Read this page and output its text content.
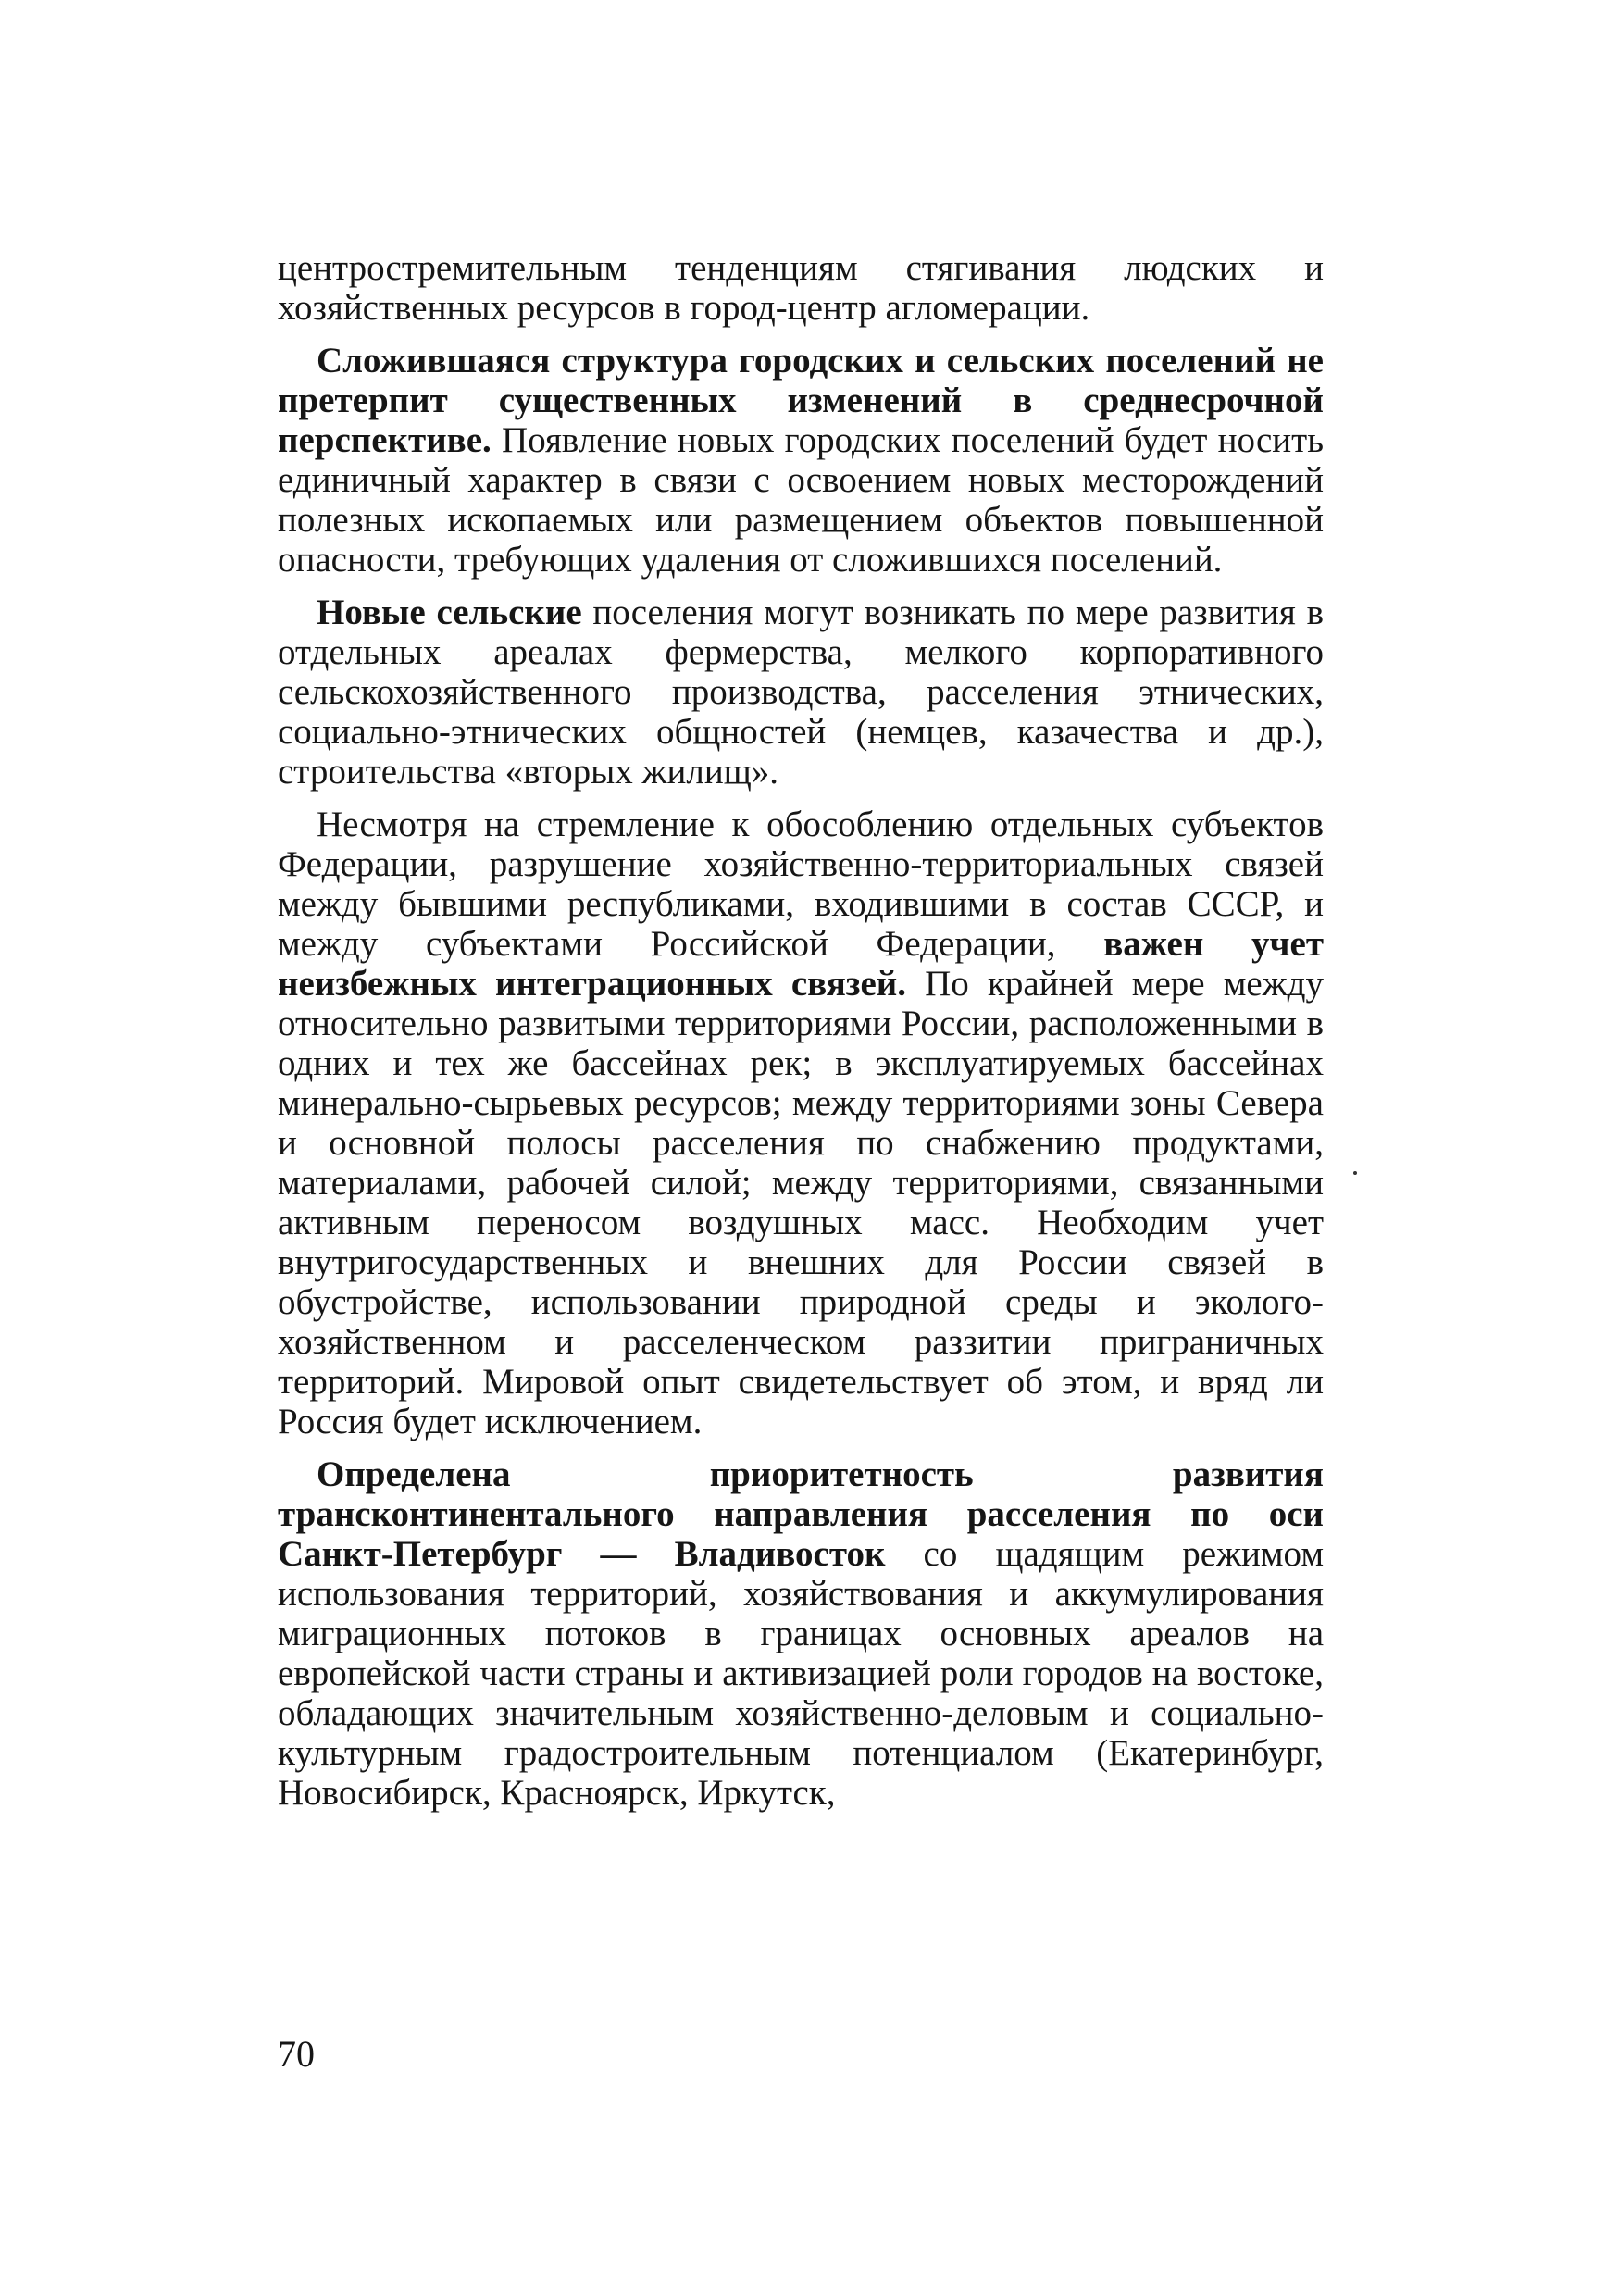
центростремительным тенденциям стягивания людских и хозяйственных ресурсов в город-центр агломерации.

Сложившаяся структура городских и сельских поселений не претерпит существенных изменений в среднесрочной перспективе. Появление новых городских поселений будет носить единичный характер в связи с освоением новых месторождений полезных ископаемых или размещением объектов повышенной опасности, требующих удаления от сложившихся поселений.

Новые сельские поселения могут возникать по мере развития в отдельных ареалах фермерства, мелкого корпоративного сельскохозяйственного производства, расселения этнических, социально-этнических общностей (немцев, казачества и др.), строительства «вторых жилищ».

Несмотря на стремление к обособлению отдельных субъектов Федерации, разрушение хозяйственно-территориальных связей между бывшими республиками, входившими в состав СССР, и между субъектами Российской Федерации, важен учет неизбежных интеграционных связей. По крайней мере между относительно развитыми территориями России, расположенными в одних и тех же бассейнах рек; в эксплуатируемых бассейнах минерально-сырьевых ресурсов; между территориями зоны Севера и основной полосы расселения по снабжению продуктами, материалами, рабочей силой; между территориями, связанными активным переносом воздушных масс. Необходим учет внутригосударственных и внешних для России связей в обустройстве, использовании природной среды и эколого-хозяйственном и расселенческом раззитии приграничных территорий. Мировой опыт свидетельствует об этом, и вряд ли Россия будет исключением.

Определена приоритетность развития трансконтинентального направления расселения по оси Санкт-Петербург — Владивосток со щадящим режимом использования территорий, хозяйствования и аккумулирования миграционных потоков в границах основных ареалов на европейской части страны и активизацией роли городов на востоке, обладающих значительным хозяйственно-деловым и социально-культурным градостроительным потенциалом (Екатеринбург, Новосибирск, Красноярск, Иркутск,

70
